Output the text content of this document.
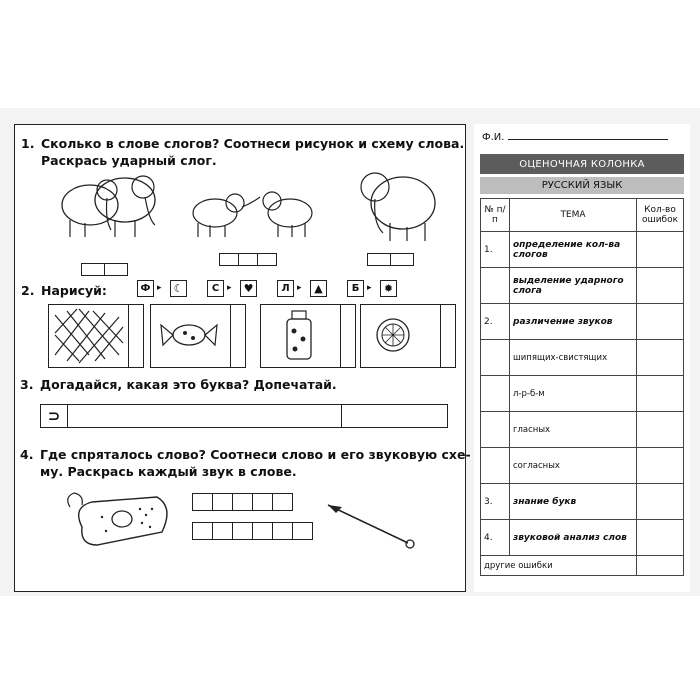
1. Сколько в слове слогов? Соотнеси рисунок и схему слова.
Раскрась ударный слог.
2. Нарисуй:	Ф ▸	☾	С ▸	♥	Л ▸	▲	Б ▸	✹
3. Догадайся, какая это буква? Допечатай.
⊃
4. Где спряталось слово? Соотнеси слово и его звуковую схе-
му. Раскрась каждый звук в слове.
Ф.И.
ОЦЕНОЧНАЯ КОЛОНКА
РУССКИЙ ЯЗЫК
№ п/п	ТЕМА	Кол-во ошибок
1.	определение кол-ва слогов	
	выделение ударного слога	
2.	различение звуков	
	шипящих-свистящих	
	л-р-б-м	
	гласных	
	согласных	
3.	знание букв	
4.	звуковой анализ слов	
другие ошибки		
